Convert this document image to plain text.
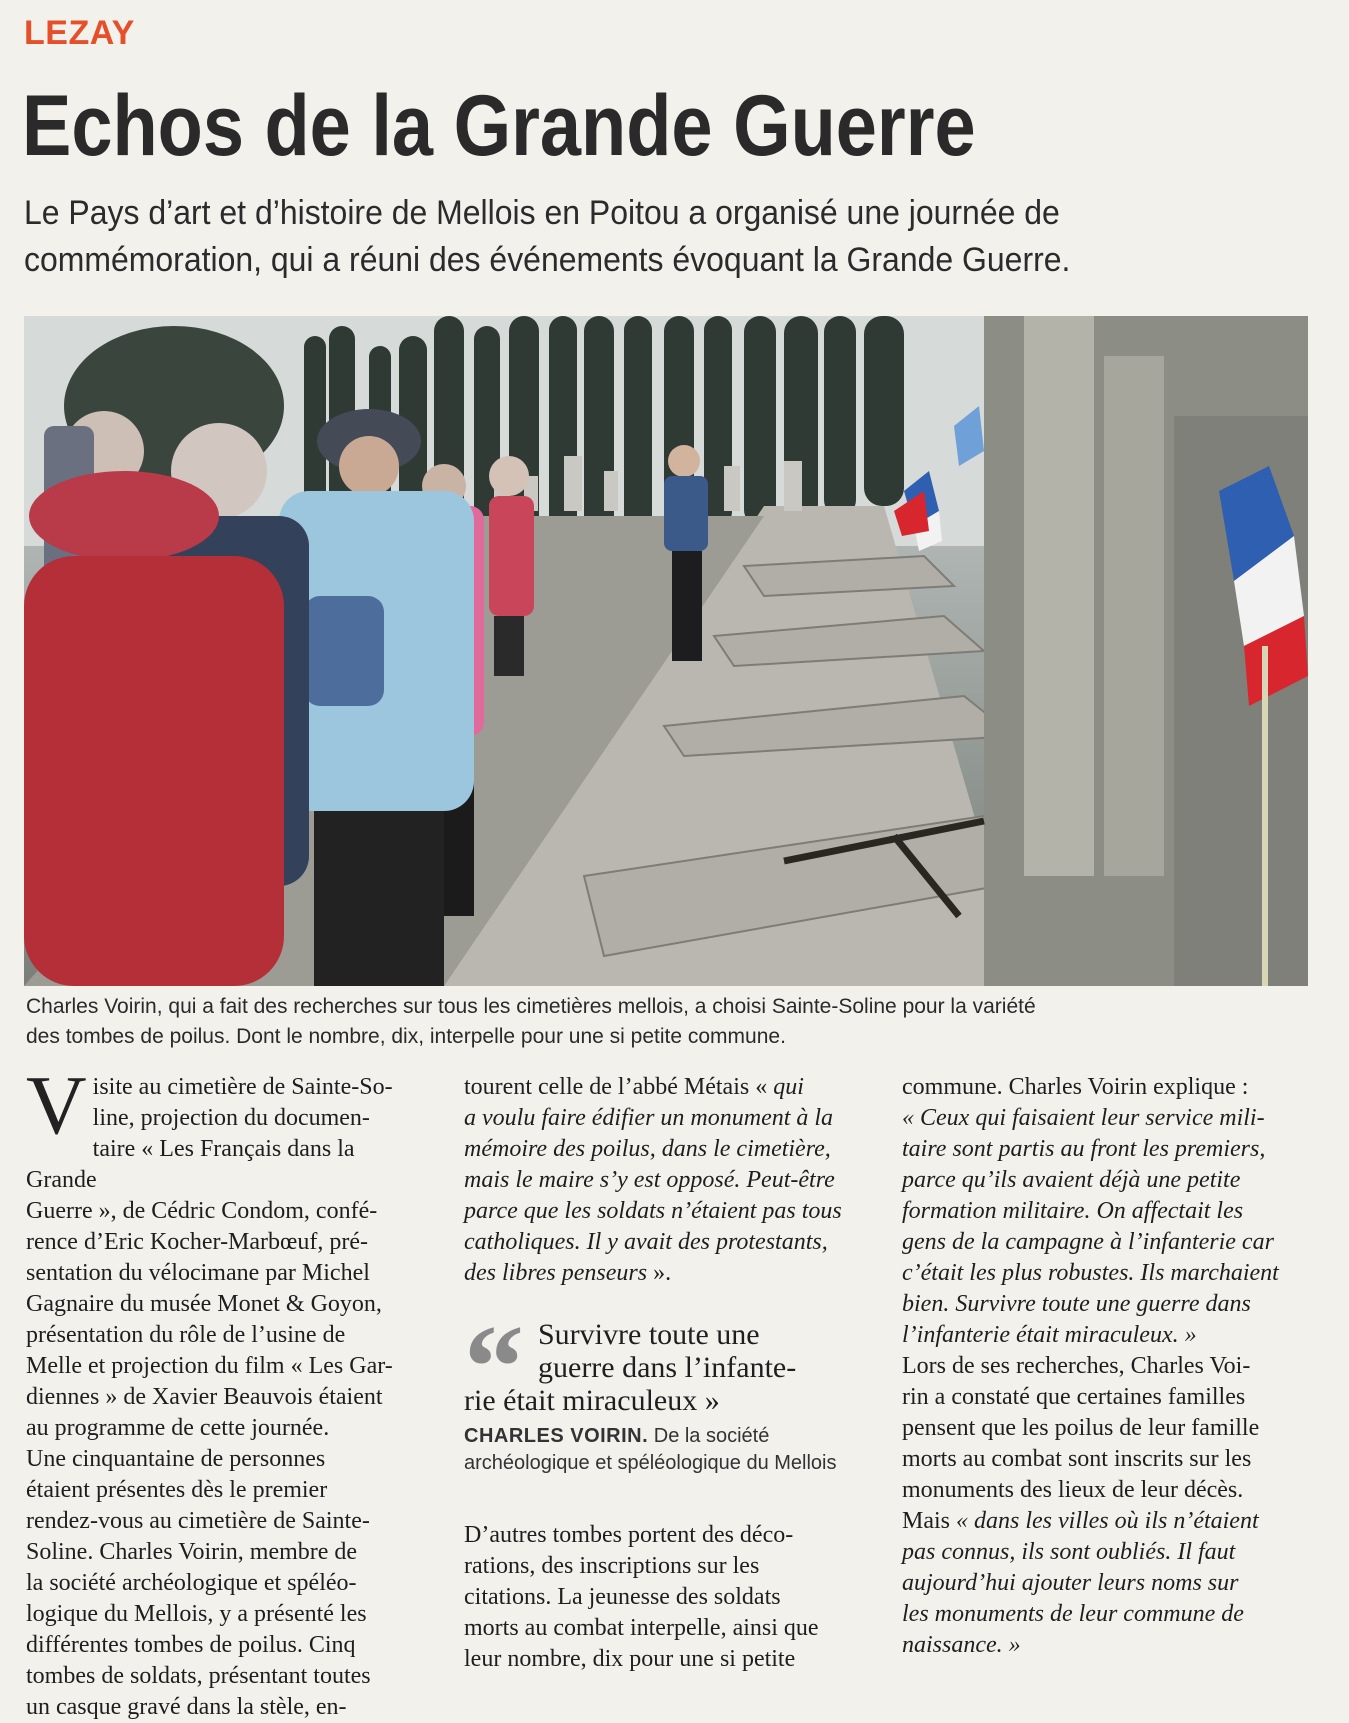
LEZAY
Echos de la Grande Guerre
Le Pays d’art et d’histoire de Mellois en Poitou a organisé une journée de
commémoration, qui a réuni des événements évoquant la Grande Guerre.

Charles Voirin, qui a fait des recherches sur tous les cimetières mellois, a choisi Sainte-Soline pour la variété

des tombes de poilus. Dont le nombre, dix, interpelle pour une si petite commune.

V isite au cimetière de Sainte-So-

line, projection du documen-

taire « Les Français dans la Grande

Guerre », de Cédric Condom, confé-

rence d’Eric Kocher-Marbœuf, pré-

sentation du vélocimane par Michel

Gagnaire du musée Monet & Goyon,

présentation du rôle de l’usine de

Melle et projection du film « Les Gar-

diennes » de Xavier Beauvois étaient

au programme de cette journée.

Une cinquantaine de personnes

étaient présentes dès le premier

rendez-vous au cimetière de Sainte-

Soline. Charles Voirin, membre de

la société archéologique et spéléo-

logique du Mellois, y a présenté les

différentes tombes de poilus. Cinq

tombes de soldats, présentant toutes

un casque gravé dans la stèle, en-

tourent celle de l’abbé Métais « qui

a voulu faire édifier un monument à la

mémoire des poilus, dans le cimetière,

mais le maire s’y est opposé. Peut-être

parce que les soldats n’étaient pas tous

catholiques. Il y avait des protestants,

des libres penseurs ».

“ Survivre toute une
guerre dans l’infante-

rie était miraculeux »

CHARLES VOIRIN. De la société
archéologique et spéléologique du Mellois

D’autres tombes portent des déco-

rations, des inscriptions sur les

citations. La jeunesse des soldats

morts au combat interpelle, ainsi que

leur nombre, dix pour une si petite

commune. Charles Voirin explique :

« Ceux qui faisaient leur service mili-

taire sont partis au front les premiers,

parce qu’ils avaient déjà une petite

formation militaire. On affectait les

gens de la campagne à l’infanterie car

c’était les plus robustes. Ils marchaient

bien. Survivre toute une guerre dans

l’infanterie était miraculeux. »

Lors de ses recherches, Charles Voi-

rin a constaté que certaines familles

pensent que les poilus de leur famille

morts au combat sont inscrits sur les

monuments des lieux de leur décès.

Mais « dans les villes où ils n’étaient

pas connus, ils sont oubliés. Il faut

aujourd’hui ajouter leurs noms sur

les monuments de leur commune de

naissance. »
